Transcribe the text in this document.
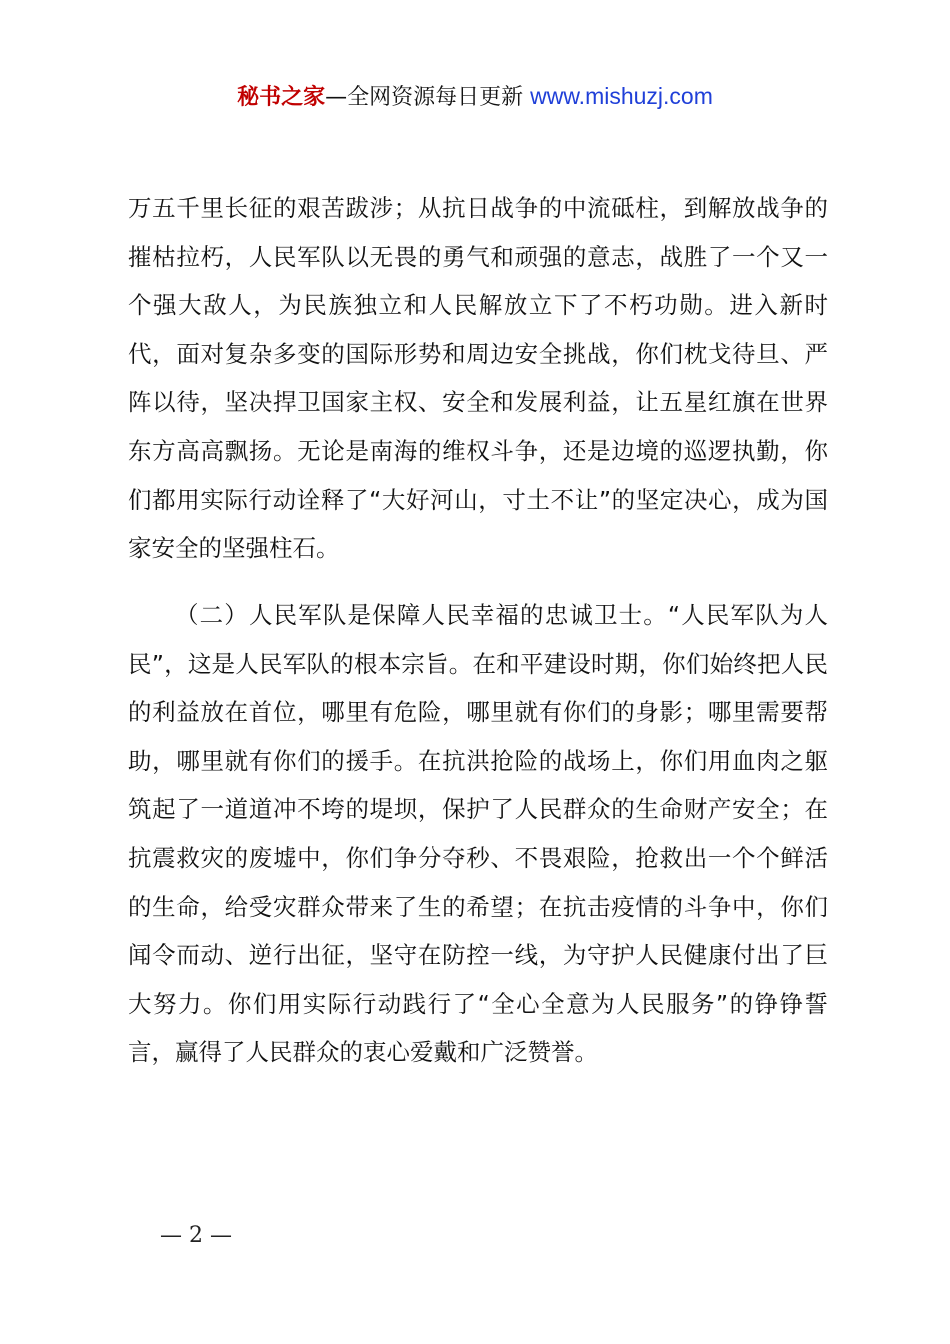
秘书之家—全网资源每日更新 www.mishuzj.com

万五千里长征的艰苦跋涉；从抗日战争的中流砥柱，到解放战争的摧枯拉朽，人民军队以无畏的勇气和顽强的意志，战胜了一个又一个强大敌人，为民族独立和人民解放立下了不朽功勋。进入新时代，面对复杂多变的国际形势和周边安全挑战，你们枕戈待旦、严阵以待，坚决捍卫国家主权、安全和发展利益，让五星红旗在世界东方高高飘扬。无论是南海的维权斗争，还是边境的巡逻执勤，你们都用实际行动诠释了“大好河山，寸土不让”的坚定决心，成为国家安全的坚强柱石。

（二）人民军队是保障人民幸福的忠诚卫士。“人民军队为人民”，这是人民军队的根本宗旨。在和平建设时期，你们始终把人民的利益放在首位，哪里有危险，哪里就有你们的身影；哪里需要帮助，哪里就有你们的援手。在抗洪抢险的战场上，你们用血肉之躯筑起了一道道冲不垮的堤坝，保护了人民群众的生命财产安全；在抗震救灾的废墟中，你们争分夺秒、不畏艰险，抢救出一个个鲜活的生命，给受灾群众带来了生的希望；在抗击疫情的斗争中，你们闻令而动、逆行出征，坚守在防控一线，为守护人民健康付出了巨大努力。你们用实际行动践行了“全心全意为人民服务”的铮铮誓言，赢得了人民群众的衷心爱戴和广泛赞誉。

— 2 —
